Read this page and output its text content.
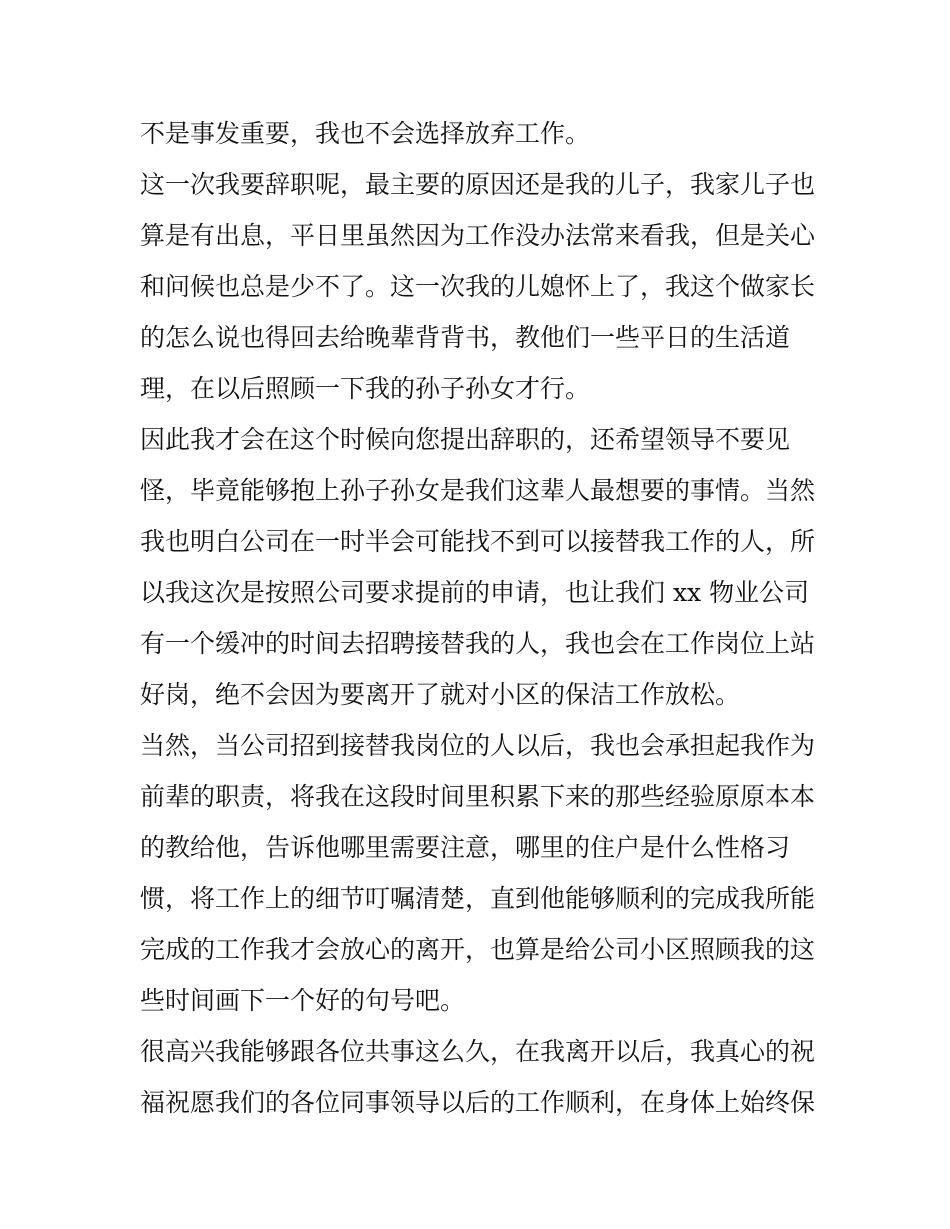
不是事发重要，我也不会选择放弃工作。
这一次我要辞职呢，最主要的原因还是我的儿子，我家儿子也
算是有出息，平日里虽然因为工作没办法常来看我，但是关心
和问候也总是少不了。这一次我的儿媳怀上了，我这个做家长
的怎么说也得回去给晚辈背背书，教他们一些平日的生活道
理，在以后照顾一下我的孙子孙女才行。
因此我才会在这个时候向您提出辞职的，还希望领导不要见
怪，毕竟能够抱上孙子孙女是我们这辈人最想要的事情。当然
我也明白公司在一时半会可能找不到可以接替我工作的人，所
以我这次是按照公司要求提前的申请，也让我们 xx 物业公司
有一个缓冲的时间去招聘接替我的人，我也会在工作岗位上站
好岗，绝不会因为要离开了就对小区的保洁工作放松。
当然，当公司招到接替我岗位的人以后，我也会承担起我作为
前辈的职责，将我在这段时间里积累下来的那些经验原原本本
的教给他，告诉他哪里需要注意，哪里的住户是什么性格习
惯，将工作上的细节叮嘱清楚，直到他能够顺利的完成我所能
完成的工作我才会放心的离开，也算是给公司小区照顾我的这
些时间画下一个好的句号吧。
很高兴我能够跟各位共事这么久，在我离开以后，我真心的祝
福祝愿我们的各位同事领导以后的工作顺利，在身体上始终保
